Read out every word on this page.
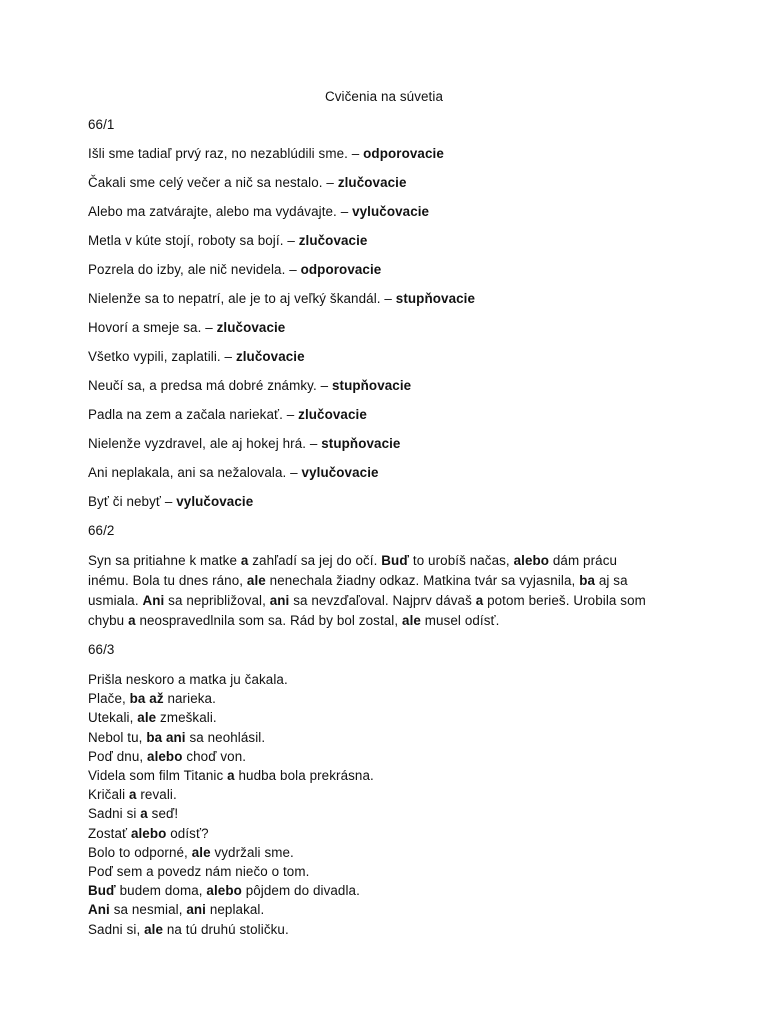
Cvičenia na súvetia
66/1
Išli sme tadiaľ prvý raz, no nezablúdili sme. – odporovacie
Čakali sme celý večer a nič sa nestalo. – zlučovacie
Alebo ma zatvárajte, alebo ma vydávajte. – vylučovacie
Metla v kúte stojí, roboty sa bojí. – zlučovacie
Pozrela do izby, ale nič nevidela. – odporovacie
Nielenže sa to nepatrí, ale je to aj veľký škandál. – stupňovacie
Hovorí a smeje sa. – zlučovacie
Všetko vypili, zaplatili. – zlučovacie
Neučí sa, a predsa má dobré známky. – stupňovacie
Padla na zem a začala nariekať. – zlučovacie
Nielenže vyzdravel, ale aj hokej hrá. – stupňovacie
Ani neplakala, ani sa nežalovala. – vylučovacie
Byť či nebyť – vylučovacie
66/2
Syn sa pritiahne k matke a zahľadí sa jej do očí. Buď to urobíš načas, alebo dám prácu
inému. Bola tu dnes ráno, ale nenechala žiadny odkaz. Matkina tvár sa vyjasnila, ba aj sa
usmiala. Ani sa nepribližoval, ani sa nevzďaľoval. Najprv dávaš a potom berieš. Urobila som
chybu a neospravedlnila som sa. Rád by bol zostal, ale musel odísť.
66/3
Prišla neskoro a matka ju čakala.
Plače, ba až narieka.
Utekali, ale zmeškali.
Nebol tu, ba ani sa neohlásil.
Poď dnu, alebo choď von.
Videla som film Titanic a hudba bola prekrásna.
Kričali a revali.
Sadni si a seď!
Zostať alebo odísť?
Bolo to odporné, ale vydržali sme.
Poď sem a povedz nám niečo o tom.
Buď budem doma, alebo pôjdem do divadla.
Ani sa nesmial, ani neplakal.
Sadni si, ale na tú druhú stoličku.
